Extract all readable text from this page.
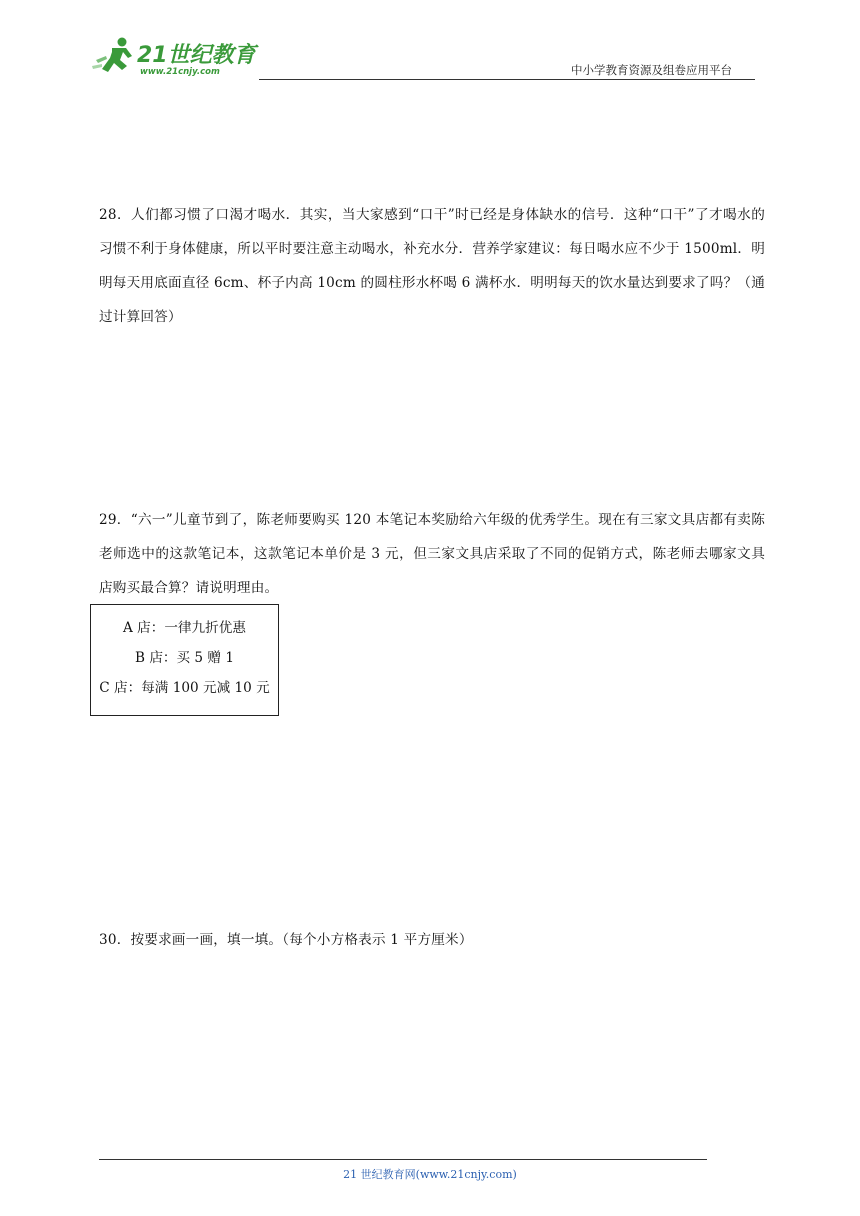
21世纪教育
www.21cnjy.com	中小学教育资源及组卷应用平台
28．人们都习惯了口渴才喝水．其实，当大家感到“口干”时已经是身体缺水的信号．这种“口干”了才喝水的习惯不利于身体健康，所以平时要注意主动喝水，补充水分．营养学家建议：每日喝水应不少于 1500ml．明明每天用底面直径 6cm、杯子内高 10cm 的圆柱形水杯喝 6 满杯水．明明每天的饮水量达到要求了吗？（通过计算回答）
29．“六一”儿童节到了，陈老师要购买 120 本笔记本奖励给六年级的优秀学生。现在有三家文具店都有卖陈老师选中的这款笔记本，这款笔记本单价是 3 元，但三家文具店采取了不同的促销方式，陈老师去哪家文具店购买最合算？请说明理由。
A 店：一律九折优惠
B 店：买 5 赠 1
C 店：每满 100 元减 10 元
30．按要求画一画，填一填。（每个小方格表示 1 平方厘米）
21 世纪教育网(www.21cnjy.com)
